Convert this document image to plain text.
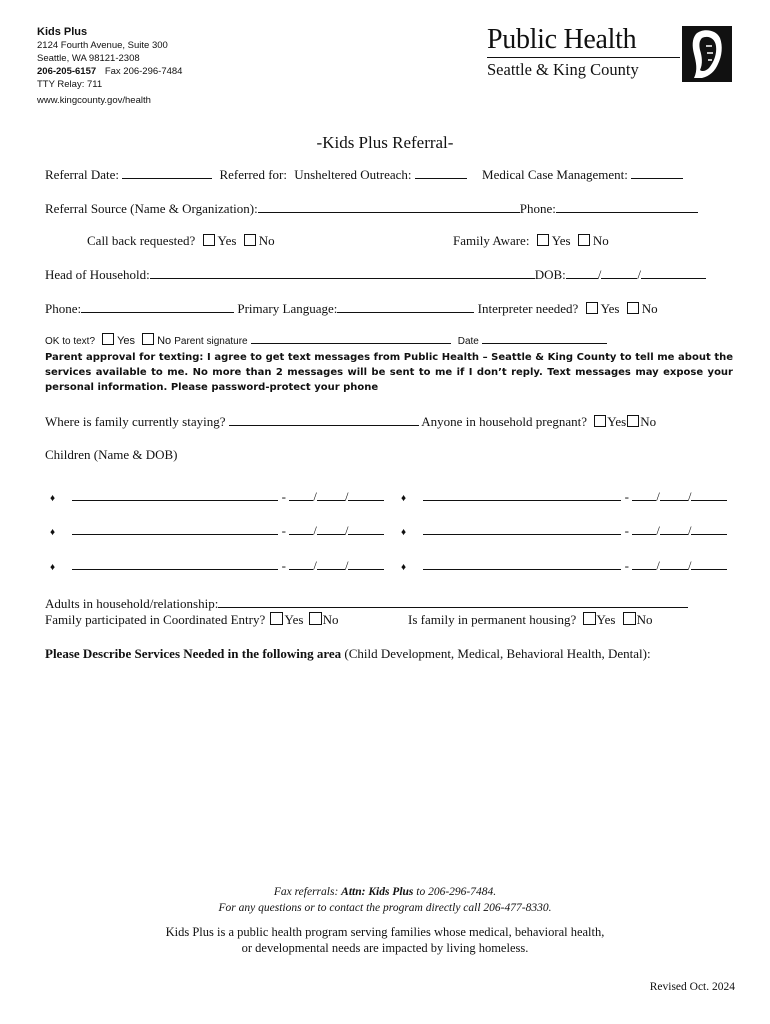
Kids Plus
2124 Fourth Avenue, Suite 300
Seattle, WA 98121-2308
206-205-6157 Fax 206-296-7484
TTY Relay: 711
www.kingcounty.gov/health
Public Health
Seattle & King County
-Kids Plus Referral-
Referral Date:	Referred for: Unsheltered Outreach:	Medical Case Management:
Referral Source (Name & Organization):	Phone:
Call back requested? Yes No	Family Aware: Yes No
Head of Household:	DOB: /	/
Phone:	Primary Language:	Interpreter needed? Yes No
OK to text? Yes No Parent signature	Date
Parent approval for texting: I agree to get text messages from Public Health – Seattle & King County to tell me about the services available to me. No more than 2 messages will be sent to me if I don’t reply. Text messages may expose your personal information. Please password-protect your phone
Where is family currently staying?	Anyone in household pregnant? Yes No
Children (Name & DOB)
♦	- / /	♦	- / /
♦	- / /	♦	- / /
♦	- / /	♦	- / /
Adults in household/relationship:
Family participated in Coordinated Entry? Yes No	Is family in permanent housing? Yes No
Please Describe Services Needed in the following area (Child Development, Medical, Behavioral Health, Dental):
Fax referrals: Attn: Kids Plus to 206-296-7484.
For any questions or to contact the program directly call 206-477-8330.
Kids Plus is a public health program serving families whose medical, behavioral health,
or developmental needs are impacted by living homeless.
Revised Oct. 2024
